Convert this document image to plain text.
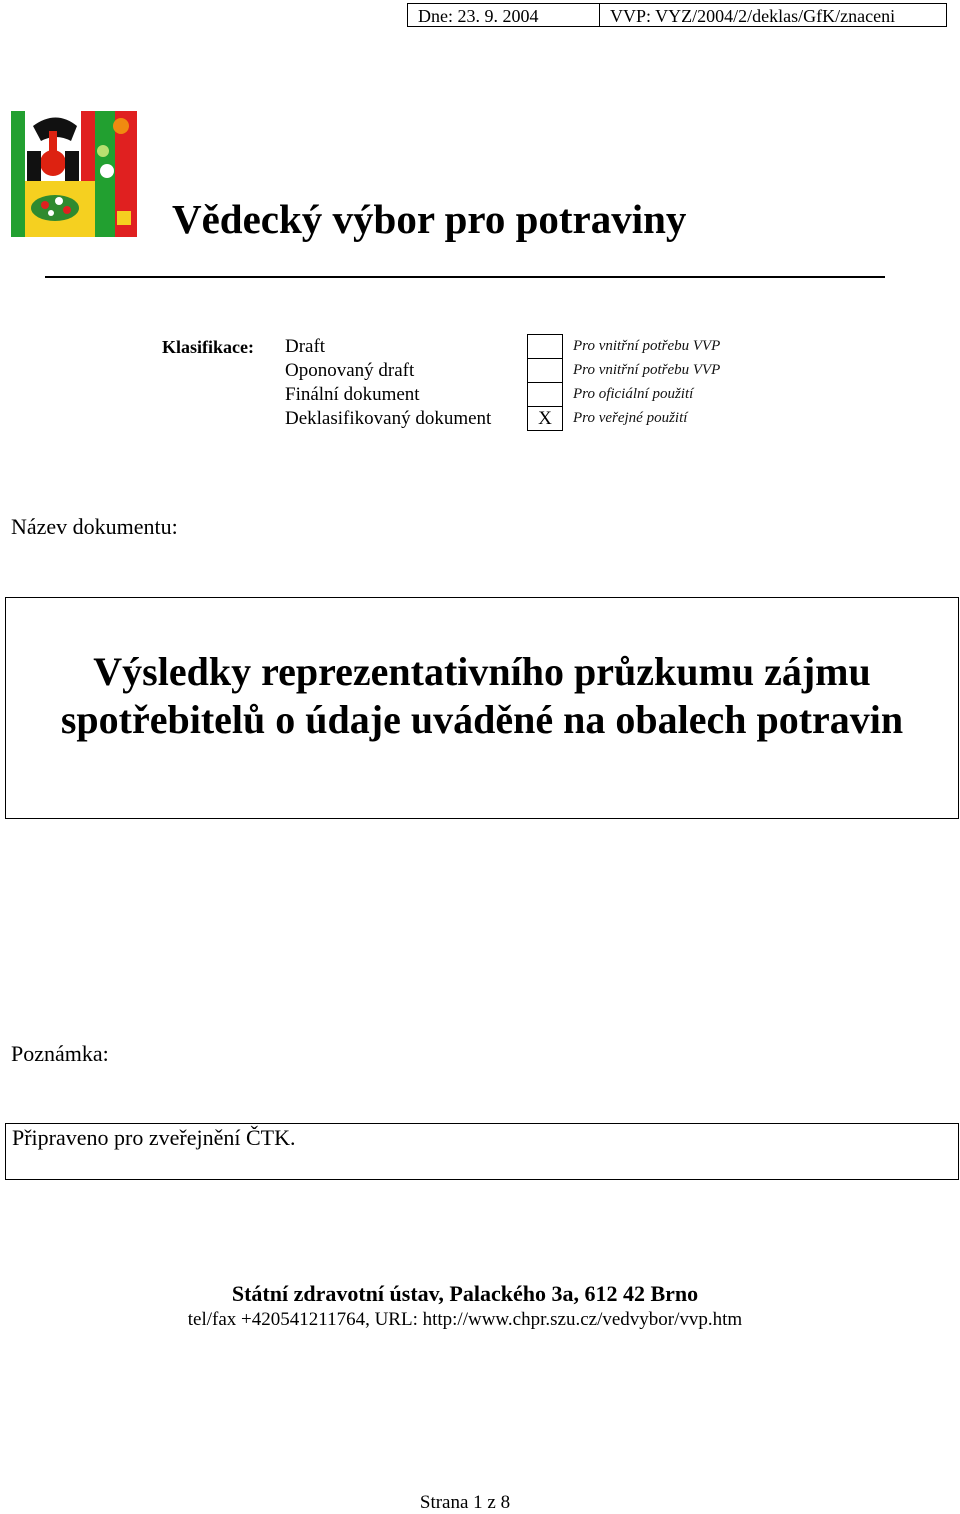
Dne: 23. 9. 2004	VVP: VYZ/2004/2/deklas/GfK/znaceni
Vědecký výbor pro potraviny
Klasifikace: Draft
Oponovaný draft
Finální dokument
Deklasifikovaný dokument	X
Pro vnitřní potřebu VVP
Pro vnitřní potřebu VVP
Pro oficiální použití
Pro veřejné použití
Název dokumentu:
Výsledky reprezentativního průzkumu zájmu
spotřebitelů o údaje uváděné na obalech potravin
Poznámka:
Připraveno pro zveřejnění ČTK.
Státní zdravotní ústav, Palackého 3a, 612 42 Brno
tel/fax +420541211764, URL: http://www.chpr.szu.cz/vedvybor/vvp.htm
Strana 1 z 8
